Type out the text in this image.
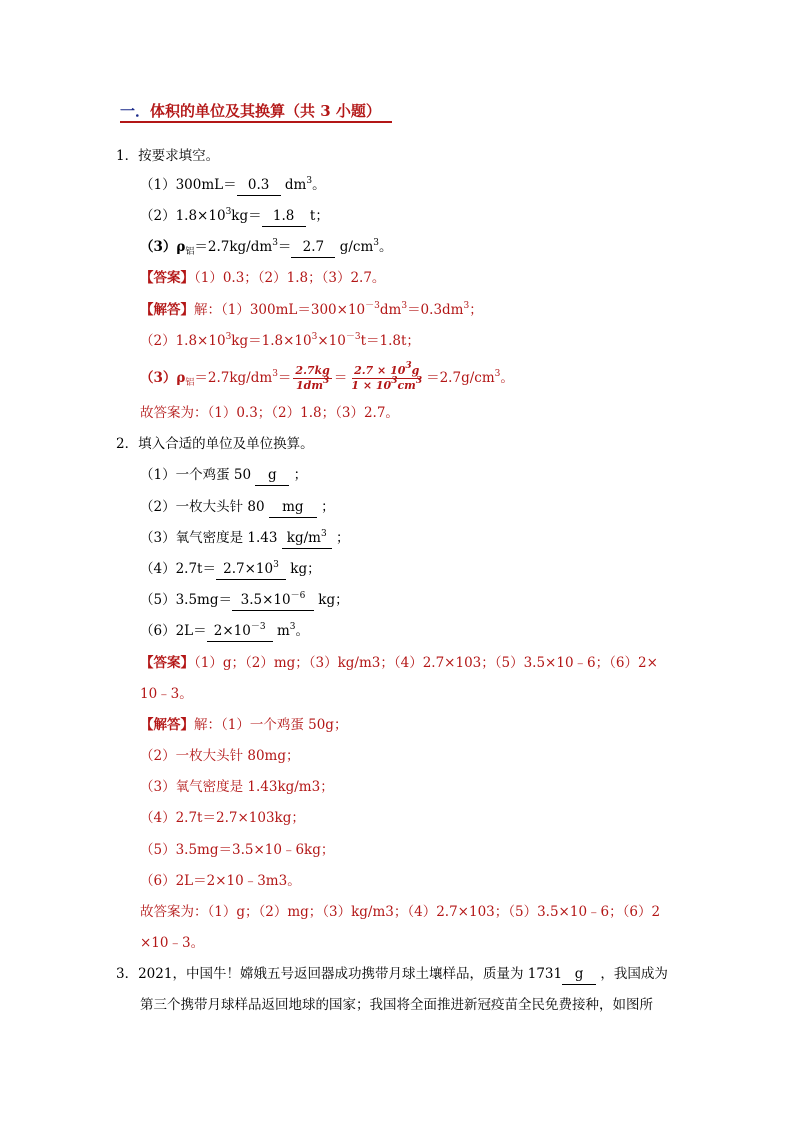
一．体积的单位及其换算（共 3 小题）
1．按要求填空。
（1）300mL＝ 0.3 $dm^3$。
$(2)1.8\times 10^3kg= 1.8$ t；
$(3)\rho_铝=2.7kg/dm^3= 2.7$ $g/cm^3$。
【答案】（1）0.3；（2）1.8；（3）2.7。
【解答】解：$(1)300mL=300\times 10^{-3}dm^3=0.3dm^3$；
$(2)1.8\times 10^3kg=1.8\times 10^3\times 10^{-3}t=1.8t$；
$(3)\rho_铝=2.7kg/dm^3= \frac{2.7kg}{1dm^3} = \frac{2.7 \times 10^3g}{1 \times 10^3cm^3} =2.7g/cm^3$。
故答案为：（1）0.3；（2）1.8；（3）2.7。
2．填入合适的单位及单位换算。
（1）一个鸡蛋 50 g ；
（2）一枚大头针 80 mg ；
（3）氧气密度是 1.43 $kg/m^3$ ；
$(4)2.7t= 2.7\times 10^3$ kg；
$(5)3.5mg= 3.5\times 10^{-6}$ kg；
$(6)2L= 2\times 10^{-3}$ $m^3$。
【答案】（1）g；（2）mg；（3）kg/m3；（4）2.7×103；（5）3.5×10﹣6；（6）2×
10﹣3。
【解答】解：（1）一个鸡蛋 50g；
（2）一枚大头针 80mg；
（3）氧气密度是 1.43kg/m3；
（4）2.7t＝2.7×103kg；
（5）3.5mg＝3.5×10﹣6kg；
（6）2L＝2×10﹣3m3。
故答案为：（1）g；（2）mg；（3）kg/m3；（4）2.7×103；（5）3.5×10﹣6；（6）2
×10﹣3。
3．2021，中国牛！嫦娥五号返回器成功携带月球土壤样品，质量为 1731 g ，我国成为
第三个携带月球样品返回地球的国家；我国将全面推进新冠疫苗全民免费接种，如图所
